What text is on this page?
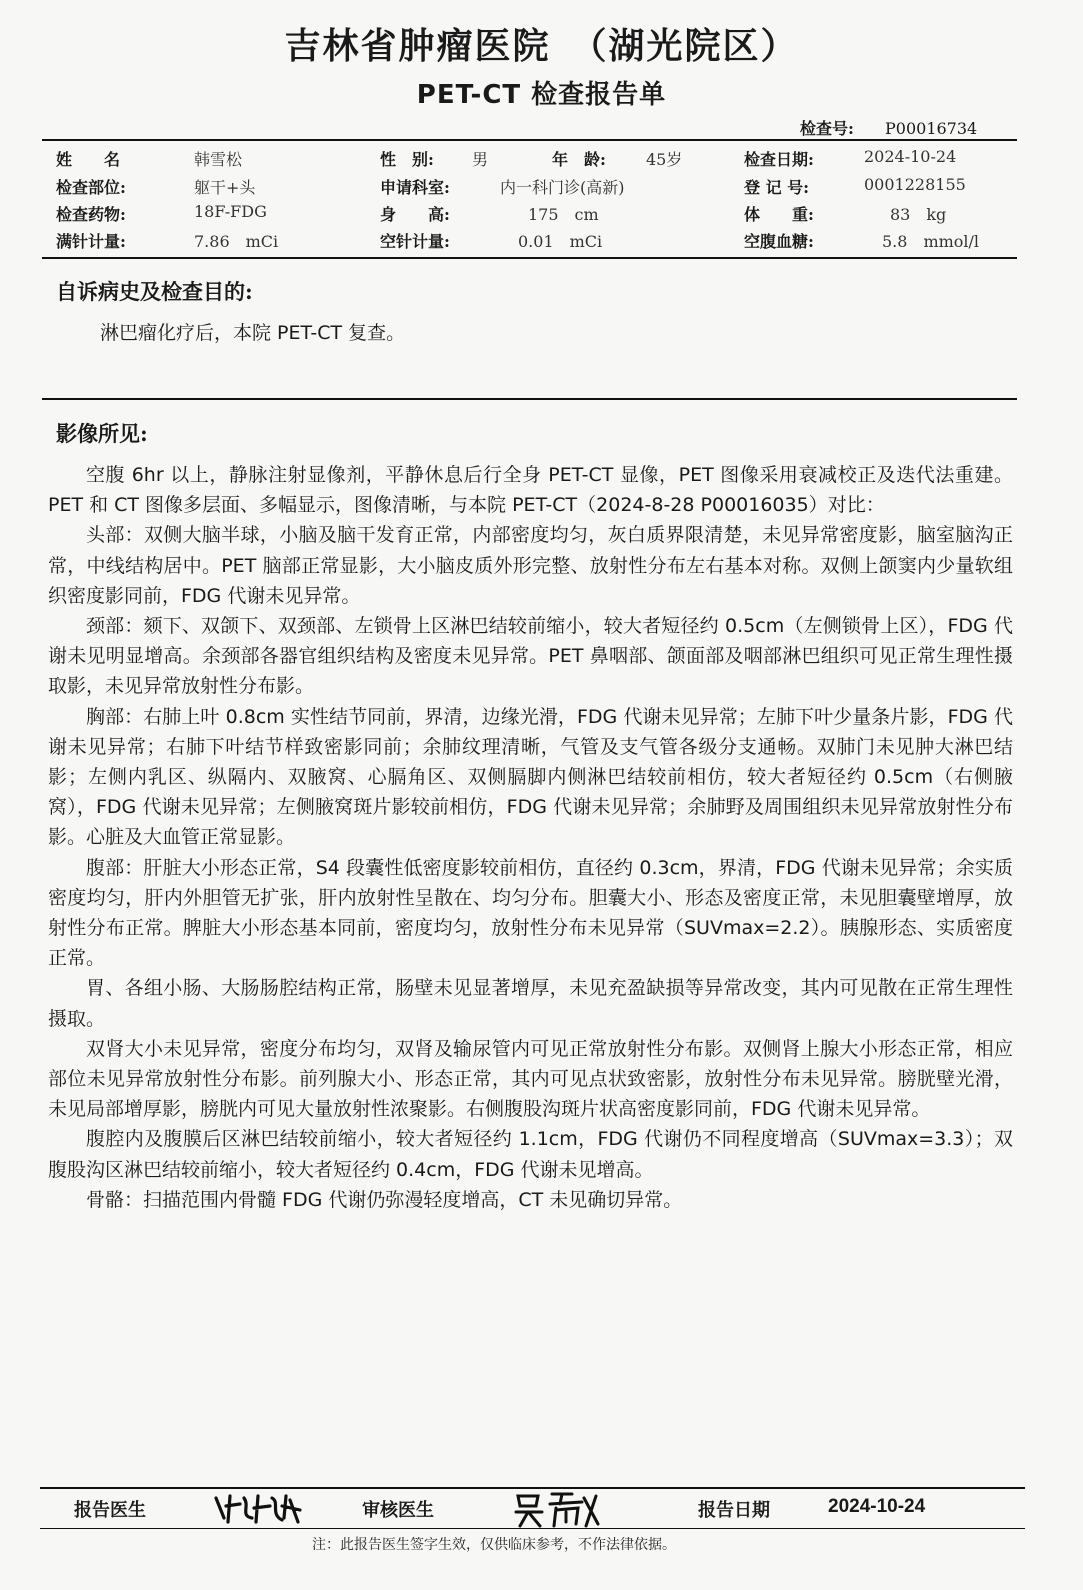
吉林省肿瘤医院　（湖光院区）
PET-CT 检查报告单
检查号: P00016734
姓　　名	韩雪松	性　别: 男	年　龄:	45岁	检查日期:	2024-10-24
检查部位:	躯干+头	申请科室:	内一科门诊(高新)	登 记 号:	0001228155
检查药物:	18F-FDG	身　　高:	175　cm	体　　重:	83　kg
满针计量:	7.86　mCi	空针计量:	0.01　mCi	空腹血糖:	5.8　mmol/l
自诉病史及检查目的:
淋巴瘤化疗后，本院 PET-CT 复查。
影像所见:

空腹 6hr 以上，静脉注射显像剂，平静休息后行全身 PET-CT 显像，PET 图像采用衰减校正及迭代法重建。PET 和 CT 图像多层面、多幅显示，图像清晰，与本院 PET-CT（2024-8-28 P00016035）对比：

头部：双侧大脑半球，小脑及脑干发育正常，内部密度均匀，灰白质界限清楚，未见异常密度影，脑室脑沟正常，中线结构居中。PET 脑部正常显影，大小脑皮质外形完整、放射性分布左右基本对称。双侧上颌窦内少量软组织密度影同前，FDG 代谢未见异常。

颈部：颏下、双颌下、双颈部、左锁骨上区淋巴结较前缩小，较大者短径约 0.5cm（左侧锁骨上区），FDG 代谢未见明显增高。余颈部各器官组织结构及密度未见异常。PET 鼻咽部、颌面部及咽部淋巴组织可见正常生理性摄取影，未见异常放射性分布影。

胸部：右肺上叶 0.8cm 实性结节同前，界清，边缘光滑，FDG 代谢未见异常；左肺下叶少量条片影，FDG 代谢未见异常；右肺下叶结节样致密影同前；余肺纹理清晰，气管及支气管各级分支通畅。双肺门未见肿大淋巴结影；左侧内乳区、纵隔内、双腋窝、心膈角区、双侧膈脚内侧淋巴结较前相仿，较大者短径约 0.5cm（右侧腋窝），FDG 代谢未见异常；左侧腋窝斑片影较前相仿，FDG 代谢未见异常；余肺野及周围组织未见异常放射性分布影。心脏及大血管正常显影。

腹部：肝脏大小形态正常，S4 段囊性低密度影较前相仿，直径约 0.3cm，界清，FDG 代谢未见异常；余实质密度均匀，肝内外胆管无扩张，肝内放射性呈散在、均匀分布。胆囊大小、形态及密度正常，未见胆囊壁增厚，放射性分布正常。脾脏大小形态基本同前，密度均匀，放射性分布未见异常（SUVmax=2.2）。胰腺形态、实质密度正常。

胃、各组小肠、大肠肠腔结构正常，肠壁未见显著增厚，未见充盈缺损等异常改变，其内可见散在正常生理性摄取。

双肾大小未见异常，密度分布均匀，双肾及输尿管内可见正常放射性分布影。双侧肾上腺大小形态正常，相应部位未见异常放射性分布影。前列腺大小、形态正常，其内可见点状致密影，放射性分布未见异常。膀胱壁光滑，未见局部增厚影，膀胱内可见大量放射性浓聚影。右侧腹股沟斑片状高密度影同前，FDG 代谢未见异常。

腹腔内及腹膜后区淋巴结较前缩小，较大者短径约 1.1cm，FDG 代谢仍不同程度增高（SUVmax=3.3）；双腹股沟区淋巴结较前缩小，较大者短径约 0.4cm，FDG 代谢未见增高。

骨骼：扫描范围内骨髓 FDG 代谢仍弥漫轻度增高，CT 未见确切异常。

报告医生	审核医生	报告日期	2024-10-24
注：此报告医生签字生效，仅供临床参考，不作法律依据。
